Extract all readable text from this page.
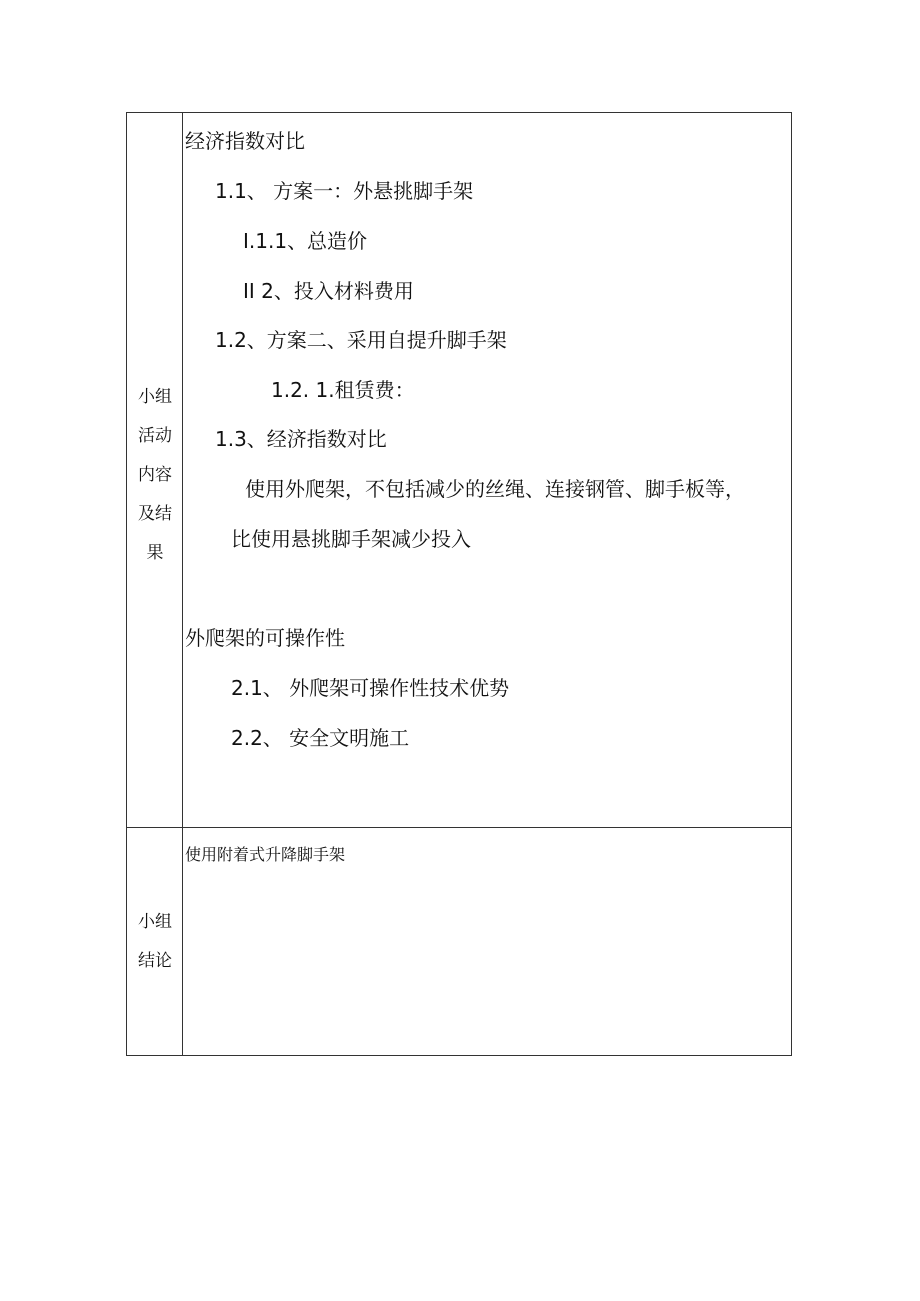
小组
活动
内容
及结
果
经济指数对比
1.1、 方案一：外悬挑脚手架
I.1.1、总造价
II 2、投入材料费用
1.2、方案二、采用自提升脚手架
1.2. 1.租赁费：
1.3、经济指数对比
使用外爬架，不包括减少的丝绳、连接钢管、脚手板等，
比使用悬挑脚手架减少投入
外爬架的可操作性
2.1、 外爬架可操作性技术优势
2.2、 安全文明施工
小组
结论
使用附着式升降脚手架
